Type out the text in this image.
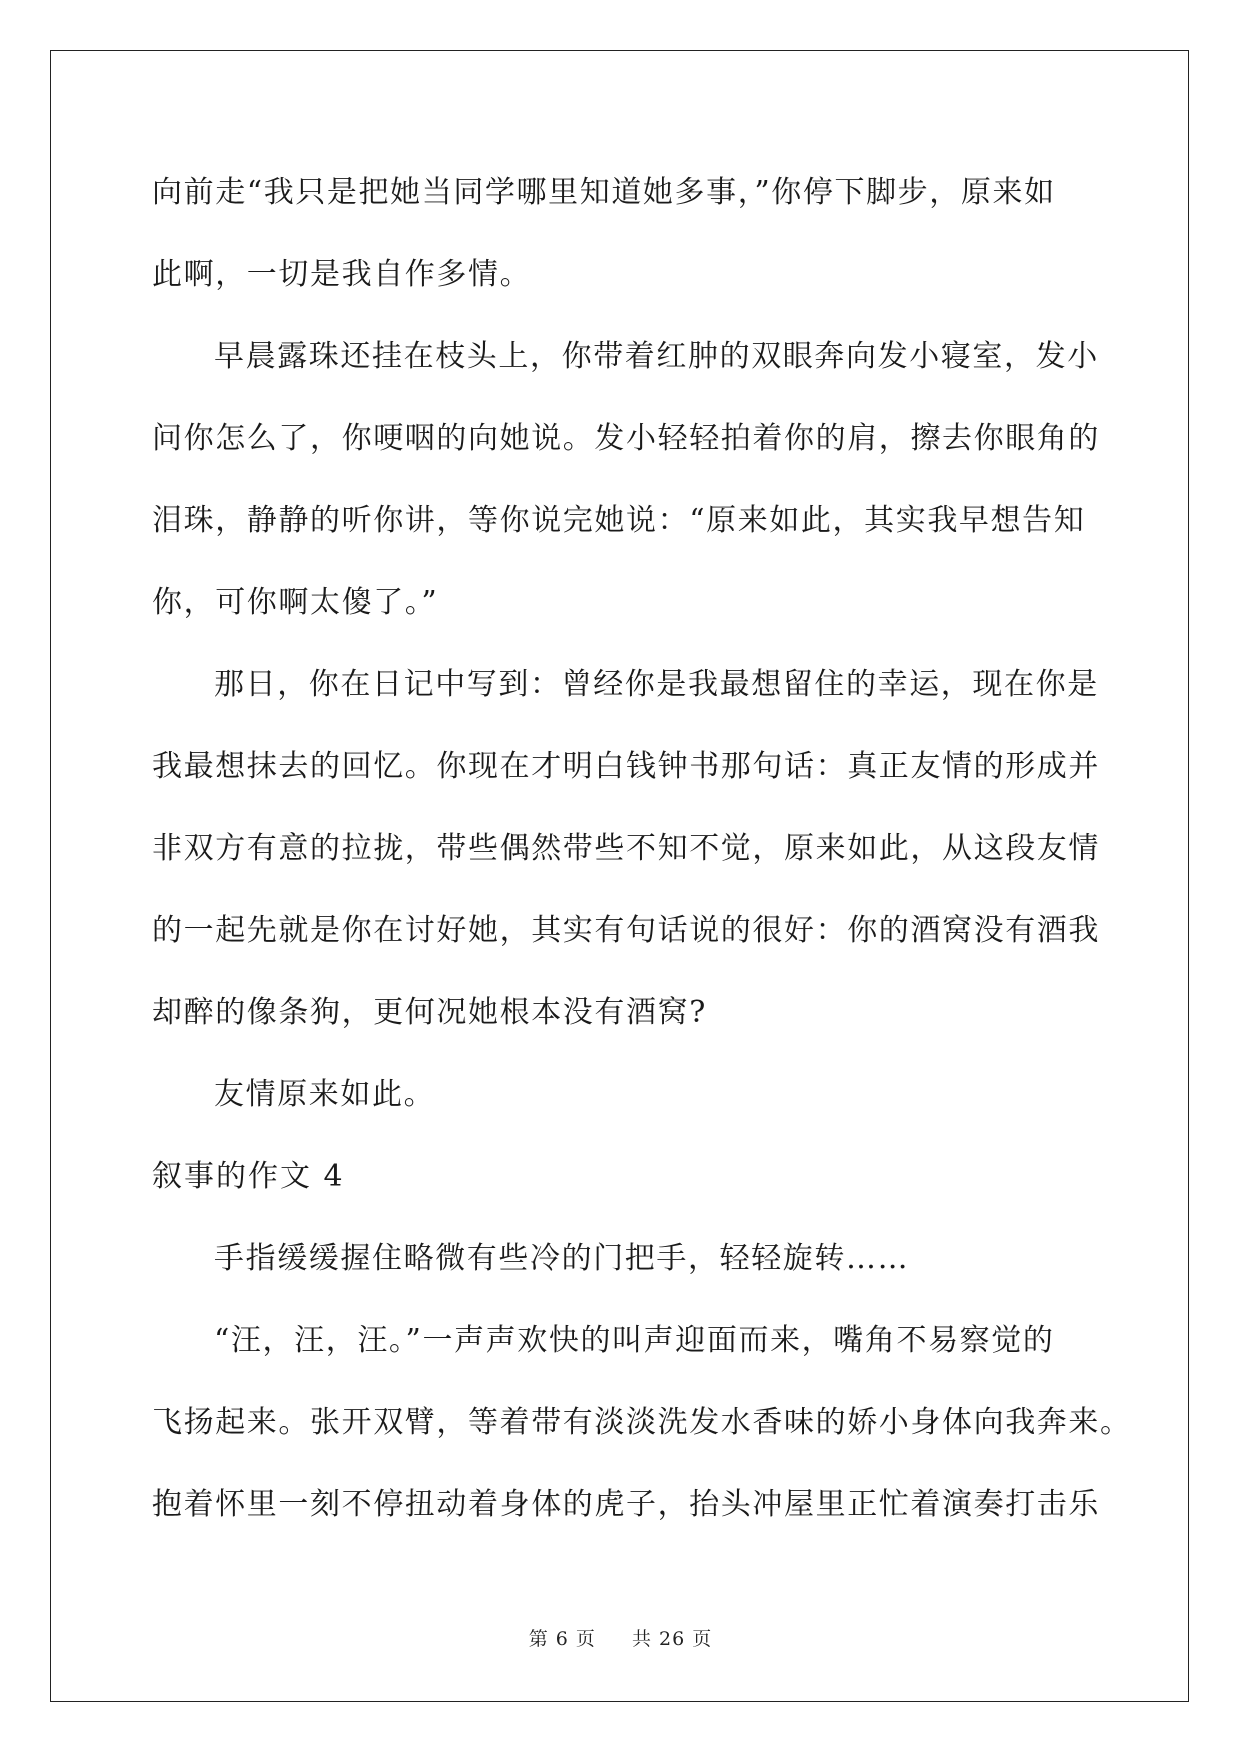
向前走“我只是把她当同学哪里知道她多事，”你停下脚步，原来如
此啊，一切是我自作多情。
早晨露珠还挂在枝头上，你带着红肿的双眼奔向发小寝室，发小
问你怎么了，你哽咽的向她说。发小轻轻拍着你的肩，擦去你眼角的
泪珠，静静的听你讲，等你说完她说：“原来如此，其实我早想告知
你，可你啊太傻了。”
那日，你在日记中写到：曾经你是我最想留住的幸运，现在你是
我最想抹去的回忆。你现在才明白钱钟书那句话：真正友情的形成并
非双方有意的拉拢，带些偶然带些不知不觉，原来如此，从这段友情
的一起先就是你在讨好她，其实有句话说的很好：你的酒窝没有酒我
却醉的像条狗，更何况她根本没有酒窝?
友情原来如此。
叙事的作文 4
手指缓缓握住略微有些冷的门把手，轻轻旋转……
“汪，汪，汪。”一声声欢快的叫声迎面而来，嘴角不易察觉的
飞扬起来。张开双臂，等着带有淡淡洗发水香味的娇小身体向我奔来。
抱着怀里一刻不停扭动着身体的虎子，抬头冲屋里正忙着演奏打击乐
第 6 页 共 26 页
